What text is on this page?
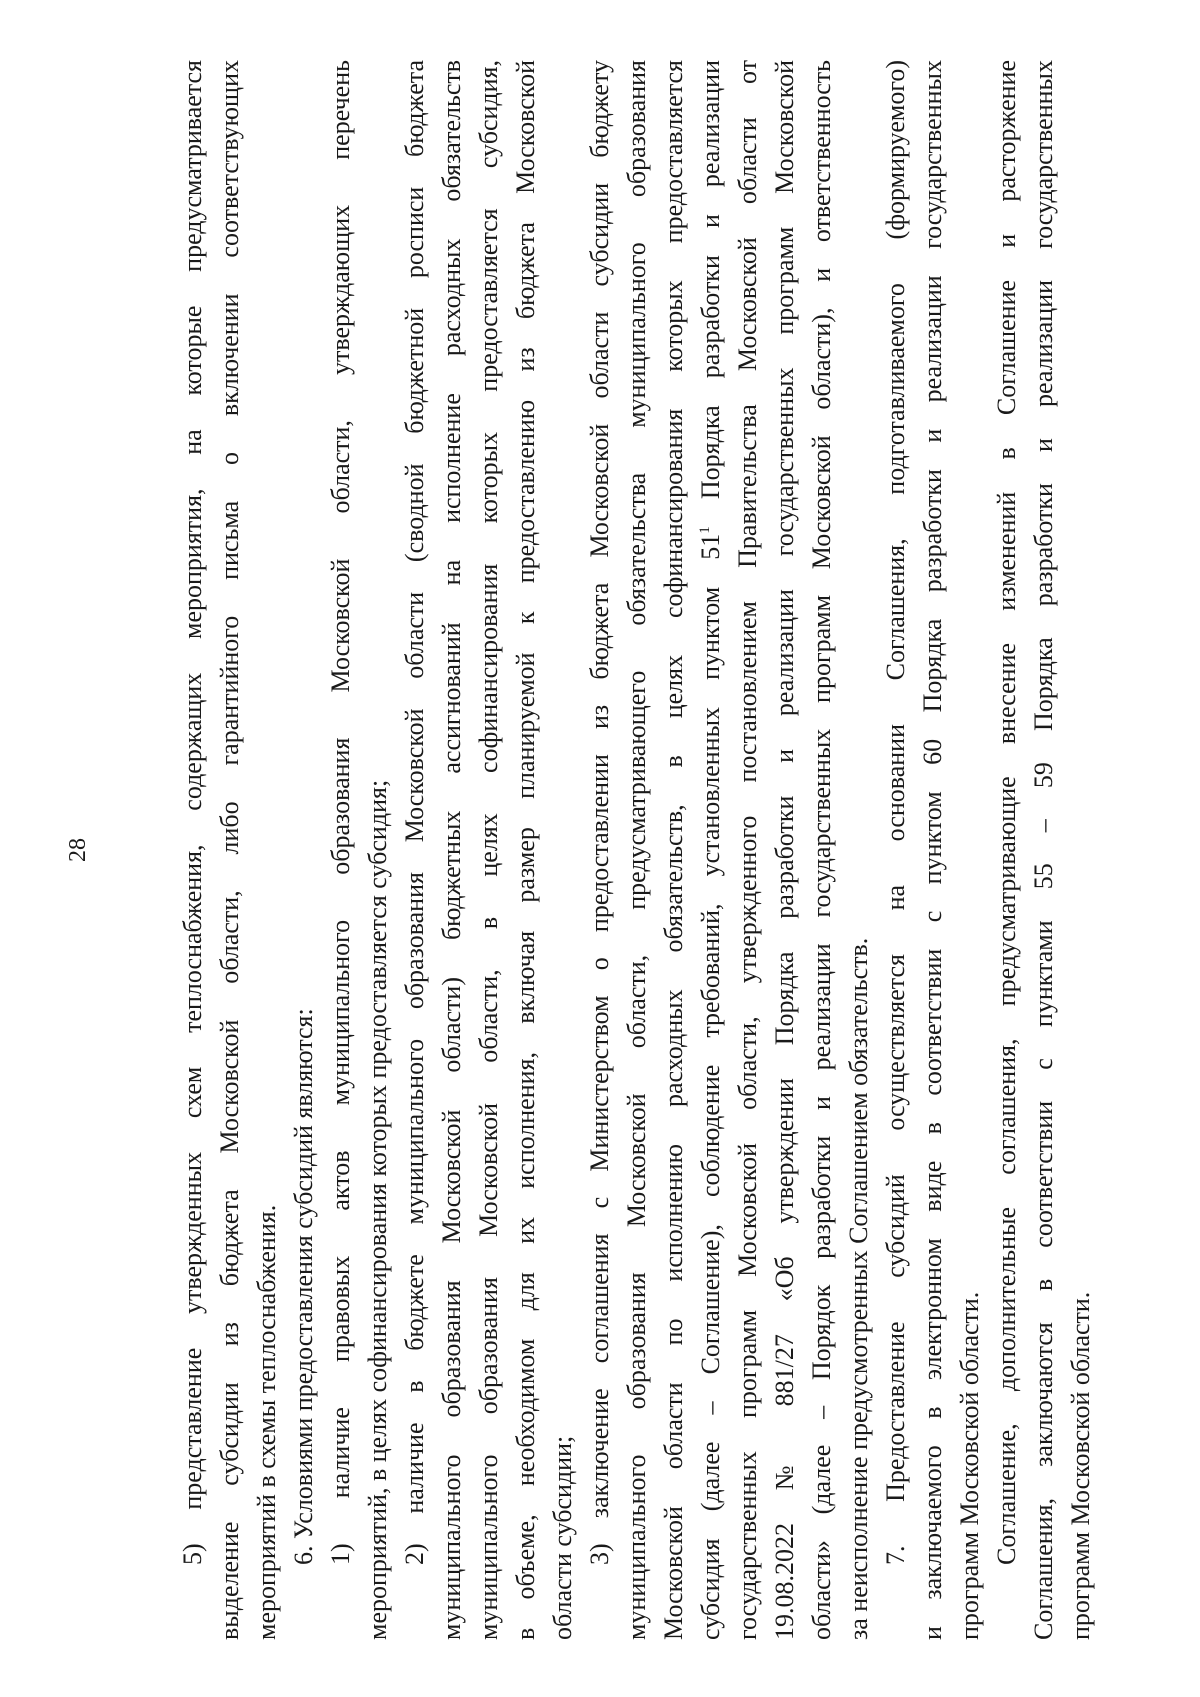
28	5) представление утвержденных схем теплоснабжения, содержащих мероприятия, на которые предусматривается выделение субсидии из бюджета Московской области, либо гарантийного письма о включении соответствующих мероприятий в схемы теплоснабжения. 6. Условиями предоставления субсидий являются: 1) наличие правовых актов муниципального образования Московской области, утверждающих перечень мероприятий, в целях софинансирования которых предоставляется субсидия; 2) наличие в бюджете муниципального образования Московской области (сводной бюджетной росписи бюджета муниципального образования Московской области) бюджетных ассигнований на исполнение расходных обязательств муниципального образования Московской области, в целях софинансирования которых предоставляется субсидия, в объеме, необходимом для их исполнения, включая размер планируемой к предоставлению из бюджета Московской области субсидии; 3) заключение соглашения с Министерством о предоставлении из бюджета Московской области субсидии бюджету муниципального образования Московской области, предусматривающего обязательства муниципального образования Московской области по исполнению расходных обязательств, в целях софинансирования которых предоставляется субсидия (далее – Соглашение), соблюдение требований, установленных пунктом $51^1$ Порядка разработки и реализации государственных программ Московской области, утвержденного постановлением Правительства Московской области от 19.08.2022 № 881/27 «Об утверждении Порядка разработки и реализации государственных программ Московской области» (далее – Порядок разработки и реализации государственных программ Московской области), и ответственность за неисполнение предусмотренных Соглашением обязательств. 7. Предоставление субсидий осуществляется на основании Соглашения, подготавливаемого (формируемого) и заключаемого в электронном виде в соответствии с пунктом 60 Порядка разработки и реализации государственных программ Московской области. Соглашение, дополнительные соглашения, предусматривающие внесение изменений в Соглашение и расторжение Соглашения, заключаются в соответствии с пунктами 55 – 59 Порядка разработки и реализации государственных программ Московской области.
